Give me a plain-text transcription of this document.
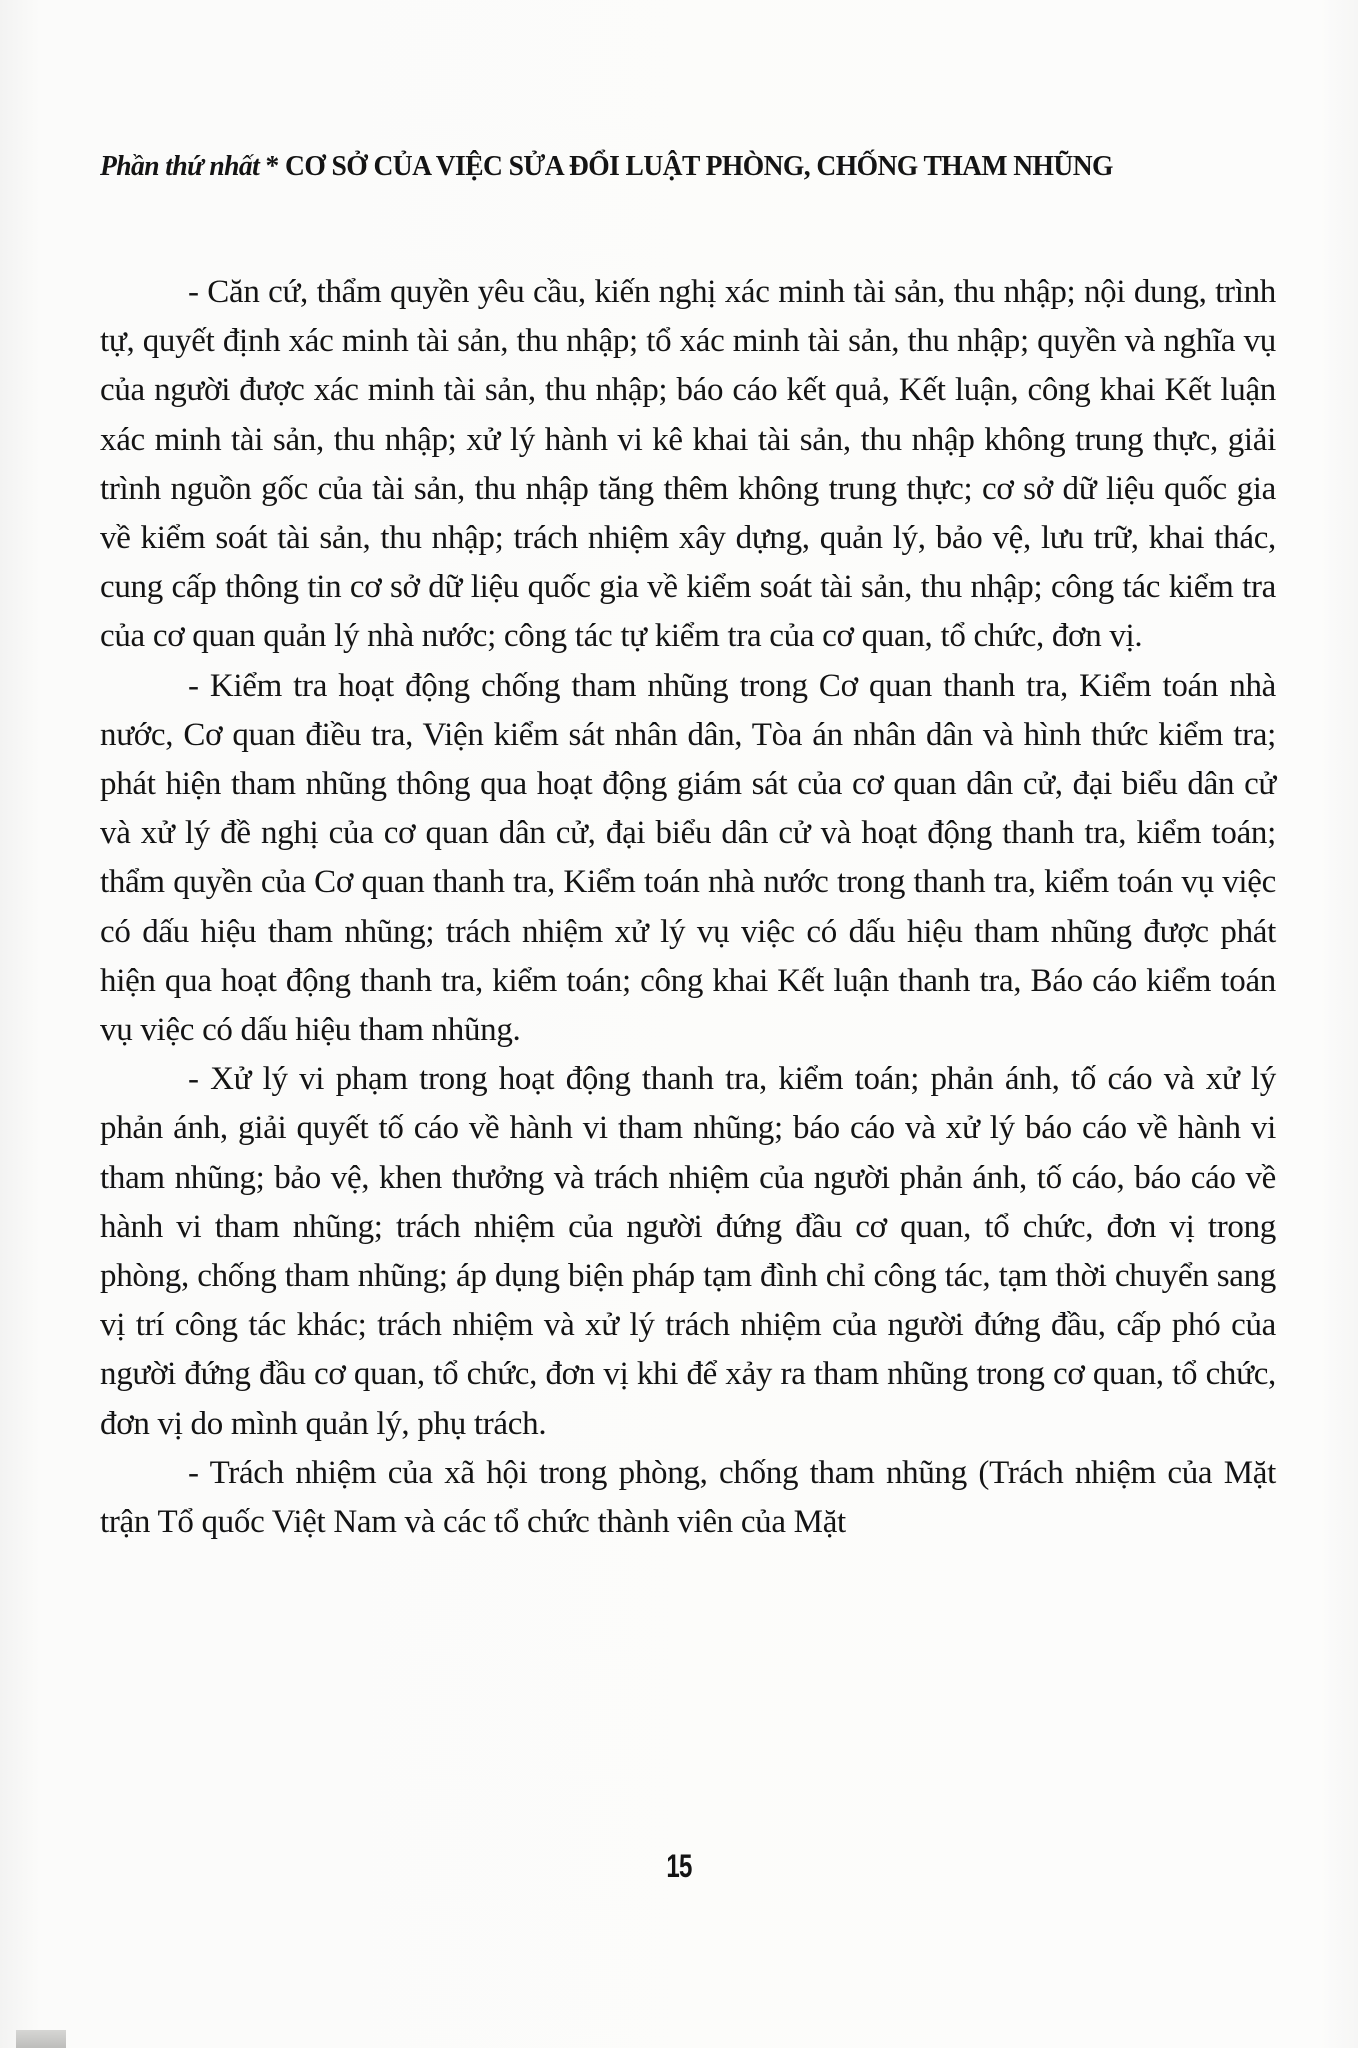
Phần thứ nhất * CƠ SỞ CỦA VIỆC SỬA ĐỔI LUẬT PHÒNG, CHỐNG THAM NHŨNG

- Căn cứ, thẩm quyền yêu cầu, kiến nghị xác minh tài sản, thu nhập; nội dung, trình tự, quyết định xác minh tài sản, thu nhập; tổ xác minh tài sản, thu nhập; quyền và nghĩa vụ của người được xác minh tài sản, thu nhập; báo cáo kết quả, Kết luận, công khai Kết luận xác minh tài sản, thu nhập; xử lý hành vi kê khai tài sản, thu nhập không trung thực, giải trình nguồn gốc của tài sản, thu nhập tăng thêm không trung thực; cơ sở dữ liệu quốc gia về kiểm soát tài sản, thu nhập; trách nhiệm xây dựng, quản lý, bảo vệ, lưu trữ, khai thác, cung cấp thông tin cơ sở dữ liệu quốc gia về kiểm soát tài sản, thu nhập; công tác kiểm tra của cơ quan quản lý nhà nước; công tác tự kiểm tra của cơ quan, tổ chức, đơn vị.

- Kiểm tra hoạt động chống tham nhũng trong Cơ quan thanh tra, Kiểm toán nhà nước, Cơ quan điều tra, Viện kiểm sát nhân dân, Tòa án nhân dân và hình thức kiểm tra; phát hiện tham nhũng thông qua hoạt động giám sát của cơ quan dân cử, đại biểu dân cử và xử lý đề nghị của cơ quan dân cử, đại biểu dân cử và hoạt động thanh tra, kiểm toán; thẩm quyền của Cơ quan thanh tra, Kiểm toán nhà nước trong thanh tra, kiểm toán vụ việc có dấu hiệu tham nhũng; trách nhiệm xử lý vụ việc có dấu hiệu tham nhũng được phát hiện qua hoạt động thanh tra, kiểm toán; công khai Kết luận thanh tra, Báo cáo kiểm toán vụ việc có dấu hiệu tham nhũng.

- Xử lý vi phạm trong hoạt động thanh tra, kiểm toán; phản ánh, tố cáo và xử lý phản ánh, giải quyết tố cáo về hành vi tham nhũng; báo cáo và xử lý báo cáo về hành vi tham nhũng; bảo vệ, khen thưởng và trách nhiệm của người phản ánh, tố cáo, báo cáo về hành vi tham nhũng; trách nhiệm của người đứng đầu cơ quan, tổ chức, đơn vị trong phòng, chống tham nhũng; áp dụng biện pháp tạm đình chỉ công tác, tạm thời chuyển sang vị trí công tác khác; trách nhiệm và xử lý trách nhiệm của người đứng đầu, cấp phó của người đứng đầu cơ quan, tổ chức, đơn vị khi để xảy ra tham nhũng trong cơ quan, tổ chức, đơn vị do mình quản lý, phụ trách.

- Trách nhiệm của xã hội trong phòng, chống tham nhũng (Trách nhiệm của Mặt trận Tổ quốc Việt Nam và các tổ chức thành viên của Mặt

15
